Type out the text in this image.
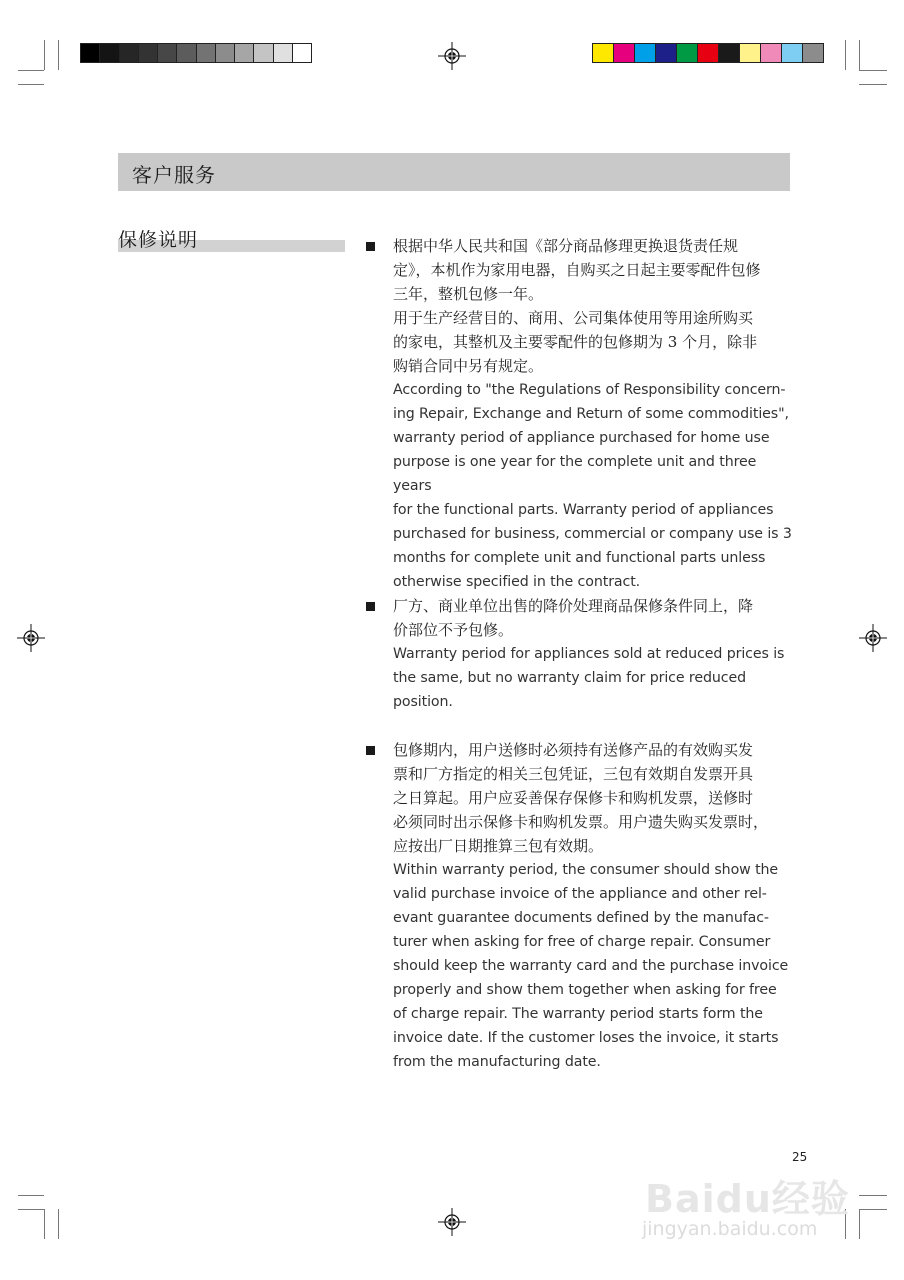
客户服务
保修说明	根据中华人民共和国《部分商品修理更换退货责任规

定》，本机作为家用电器，自购买之日起主要零配件包修

三年，整机包修一年。

用于生产经营目的、商用、公司集体使用等用途所购买

的家电，其整机及主要零配件的包修期为 3 个月，除非

购销合同中另有规定。

According to "the Regulations of Responsibility concern-

ing Repair, Exchange and Return of some commodities",

warranty period of appliance purchased for home use

purpose is one year for the complete unit and three years

for the functional parts. Warranty period of appliances

purchased for business, commercial or company use is 3

months for complete unit and functional parts unless

otherwise specified in the contract.

厂方、商业单位出售的降价处理商品保修条件同上，降

价部位不予包修。

Warranty period for appliances sold at reduced prices is

the same, but no warranty claim for price reduced

position.

包修期内，用户送修时必须持有送修产品的有效购买发

票和厂方指定的相关三包凭证，三包有效期自发票开具

之日算起。用户应妥善保存保修卡和购机发票，送修时

必须同时出示保修卡和购机发票。用户遗失购买发票时，

应按出厂日期推算三包有效期。

Within warranty period, the consumer should show the

valid purchase invoice of the appliance and other rel-

evant guarantee documents defined by the manufac-

turer when asking for free of charge repair. Consumer

should keep the warranty card and the purchase invoice

properly and show them together when asking for free

of charge repair. The warranty period starts form the

invoice date. If the customer loses the invoice, it starts

from the manufacturing date.

25
Baidu经验
jingyan.baidu.com
